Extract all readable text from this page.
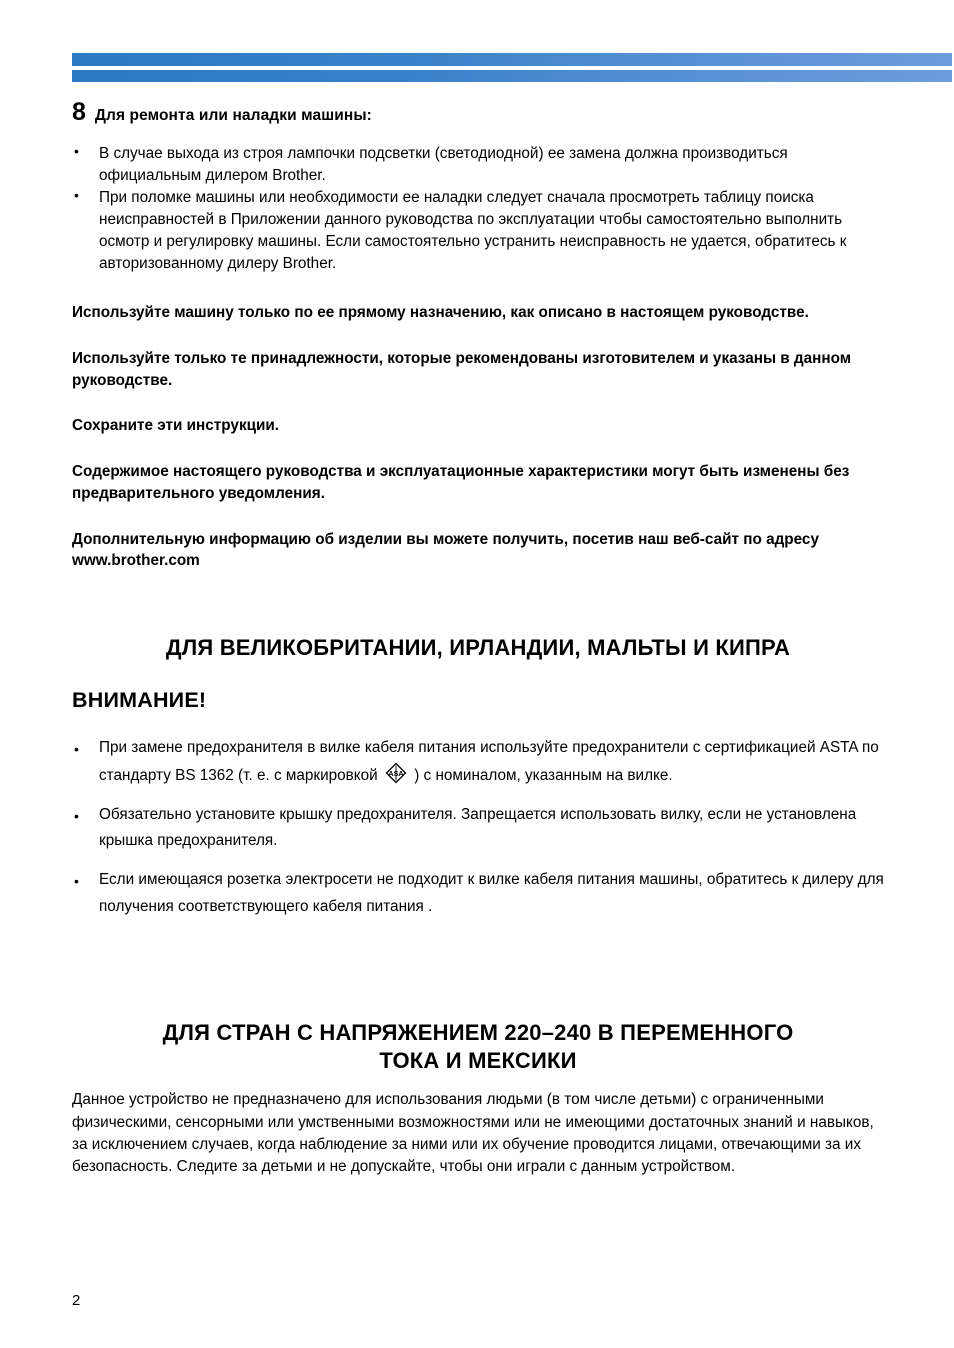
8 Для ремонта или наладки машины:
• В случае выхода из строя лампочки подсветки (светодиодной) ее замена должна производиться официальным дилером Brother.
• При поломке машины или необходимости ее наладки следует сначала просмотреть таблицу поиска неисправностей в Приложении данного руководства по эксплуатации чтобы самостоятельно выполнить осмотр и регулировку машины. Если самостоятельно устранить неисправность не удается, обратитесь к авторизованному дилеру Brother.

Используйте машину только по ее прямому назначению, как описано в настоящем руководстве.

Используйте только те принадлежности, которые рекомендованы изготовителем и указаны в данном руководстве.

Сохраните эти инструкции.

Содержимое настоящего руководства и эксплуатационные характеристики могут быть изменены без предварительного уведомления.

Дополнительную информацию об изделии вы можете получить, посетив наш веб-сайт по адресу www.brother.com

ДЛЯ ВЕЛИКОБРИТАНИИ, ИРЛАНДИИ, МАЛЬТЫ И КИПРА
ВНИМАНИЕ!
• При замене предохранителя в вилке кабеля питания используйте предохранители с сертификацией ASTA по стандарту BS 1362 (т. е. с маркировкой ASA ) с номиналом, указанным на вилке.
• Обязательно установите крышку предохранителя. Запрещается использовать вилку, если не установлена крышка предохранителя.
• Если имеющаяся розетка электросети не подходит к вилке кабеля питания машины, обратитесь к дилеру для получения соответствующего кабеля питания .
ДЛЯ СТРАН С НАПРЯЖЕНИЕМ 220–240 В ПЕРЕМЕННОГО
ТОКА И МЕКСИКИ

Данное устройство не предназначено для использования людьми (в том числе детьми) с ограниченными физическими, сенсорными или умственными возможностями или не имеющими достаточных знаний и навыков, за исключением случаев, когда наблюдение за ними или их обучение проводится лицами, отвечающими за их безопасность. Следите за детьми и не допускайте, чтобы они играли с данным устройством.

2
